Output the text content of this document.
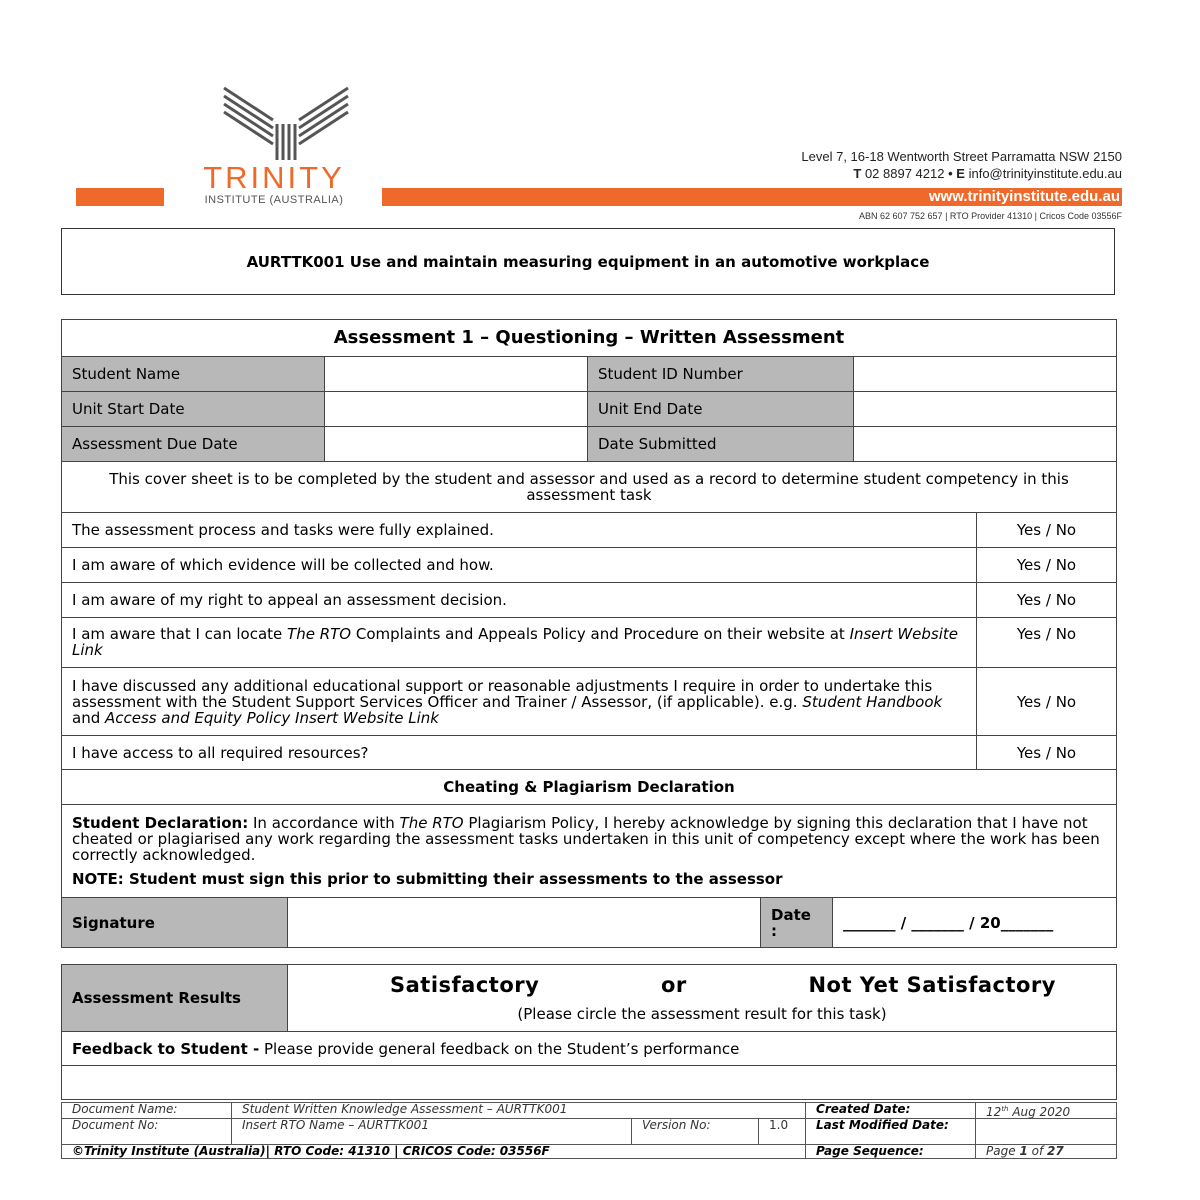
TRINITY
INSTITUTE (AUSTRALIA)
Level 7, 16-18 Wentworth Street Parramatta NSW 2150
T 02 8897 4212 • E info@trinityinstitute.edu.au
www.trinityinstitute.edu.au
ABN 62 607 752 657 | RTO Provider 41310 | Cricos Code 03556F
AURTTK001 Use and maintain measuring equipment in an automotive workplace
Assessment 1 – Questioning – Written Assessment				
Student Name		Student ID Number		
Unit Start Date		Unit End Date		
Assessment Due Date		Date Submitted		
This cover sheet is to be completed by the student and assessor and used as a record to determine student competency in this assessment task				
The assessment process and tasks were fully explained.				Yes / No
I am aware of which evidence will be collected and how.				Yes / No
I am aware of my right to appeal an assessment decision.				Yes / No
I am aware that I can locate The RTO Complaints and Appeals Policy and Procedure on their website at Insert Website Link				Yes / No
I have discussed any additional educational support or reasonable adjustments I require in order to undertake this assessment with the Student Support Services Officer and Trainer / Assessor, (if applicable). e.g. Student Handbook and Access and Equity Policy Insert Website Link				Yes / No
I have access to all required resources?				Yes / No
Cheating & Plagiarism Declaration				

Student Declaration: In accordance with The RTO Plagiarism Policy, I hereby acknowledge by signing this declaration that I have not cheated or plagiarised any work regarding the assessment tasks undertaken in this unit of competency except where the work has been correctly acknowledged.
NOTE: Student must sign this prior to submitting their assessments to the assessor				
Signature		Date :	_______ / _______ / 20_______
Assessment Results	
Satisfactory	or	Not Yet Satisfactory
(Please circle the assessment result for this task)

Feedback to Student - Please provide general feedback on the Student’s performance

Document Name:	Student Written Knowledge Assessment – AURTTK001			Created Date:	12th Aug 2020
Document No:	Insert RTO Name – AURTTK001	Version No:	1.0	Last Modified Date:	
©Trinity Institute (Australia)| RTO Code: 41310 | CRICOS Code: 03556F				Page Sequence:	Page 1 of 27
